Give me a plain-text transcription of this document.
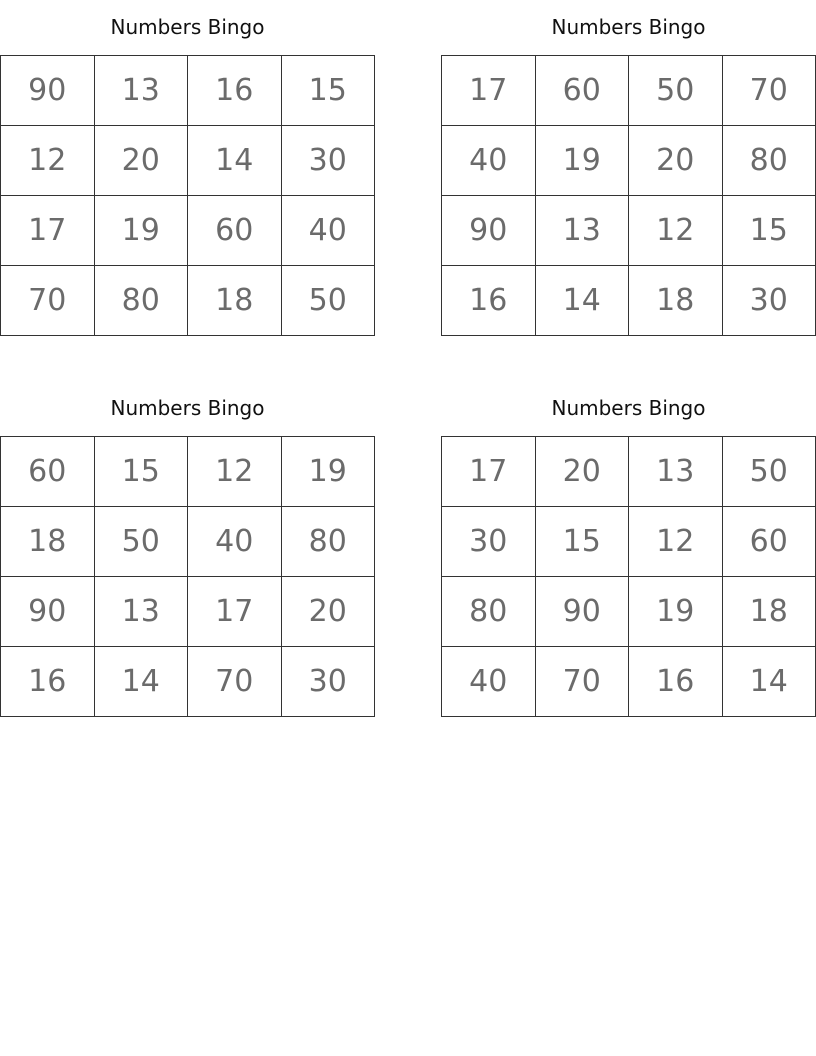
Numbers Bingo
90	13	16	15
12	20	14	30
17	19	60	40
70	80	18	50
Numbers Bingo
17	60	50	70
40	19	20	80
90	13	12	15
16	14	18	30
Numbers Bingo
60	15	12	19
18	50	40	80
90	13	17	20
16	14	70	30
Numbers Bingo
17	20	13	50
30	15	12	60
80	90	19	18
40	70	16	14
